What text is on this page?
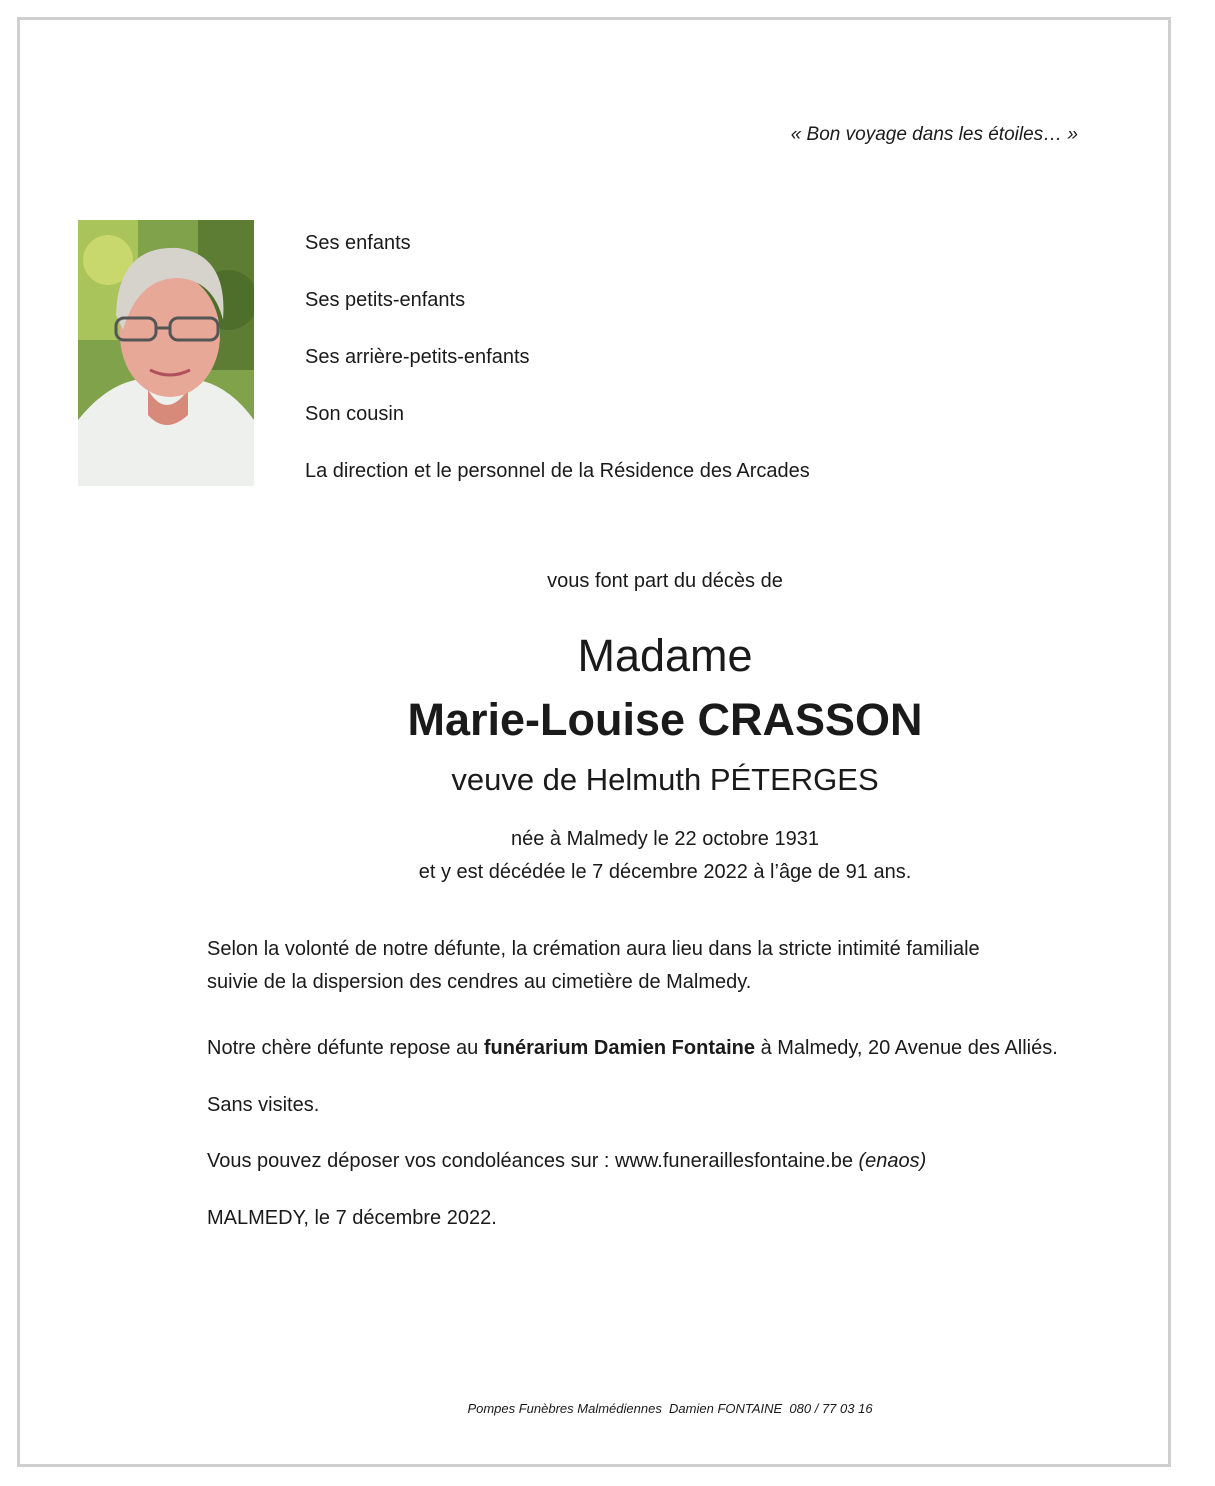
« Bon voyage dans les étoiles… »
Ses enfants
Ses petits-enfants
Ses arrière-petits-enfants
Son cousin
La direction et le personnel de la Résidence des Arcades
vous font part du décès de
Madame
Marie-Louise CRASSON
veuve de Helmuth PÉTERGES
née à Malmedy le 22 octobre 1931
et y est décédée le 7 décembre 2022 à l’âge de 91 ans.
Selon la volonté de notre défunte, la crémation aura lieu dans la stricte intimité familiale
suivie de la dispersion des cendres au cimetière de Malmedy.
Notre chère défunte repose au funérarium Damien Fontaine à Malmedy, 20 Avenue des Alliés.
Sans visites.
Vous pouvez déposer vos condoléances sur : www.funeraillesfontaine.be (enaos)
MALMEDY, le 7 décembre 2022.
Pompes Funèbres Malmédiennes  Damien FONTAINE  080 / 77 03 16
